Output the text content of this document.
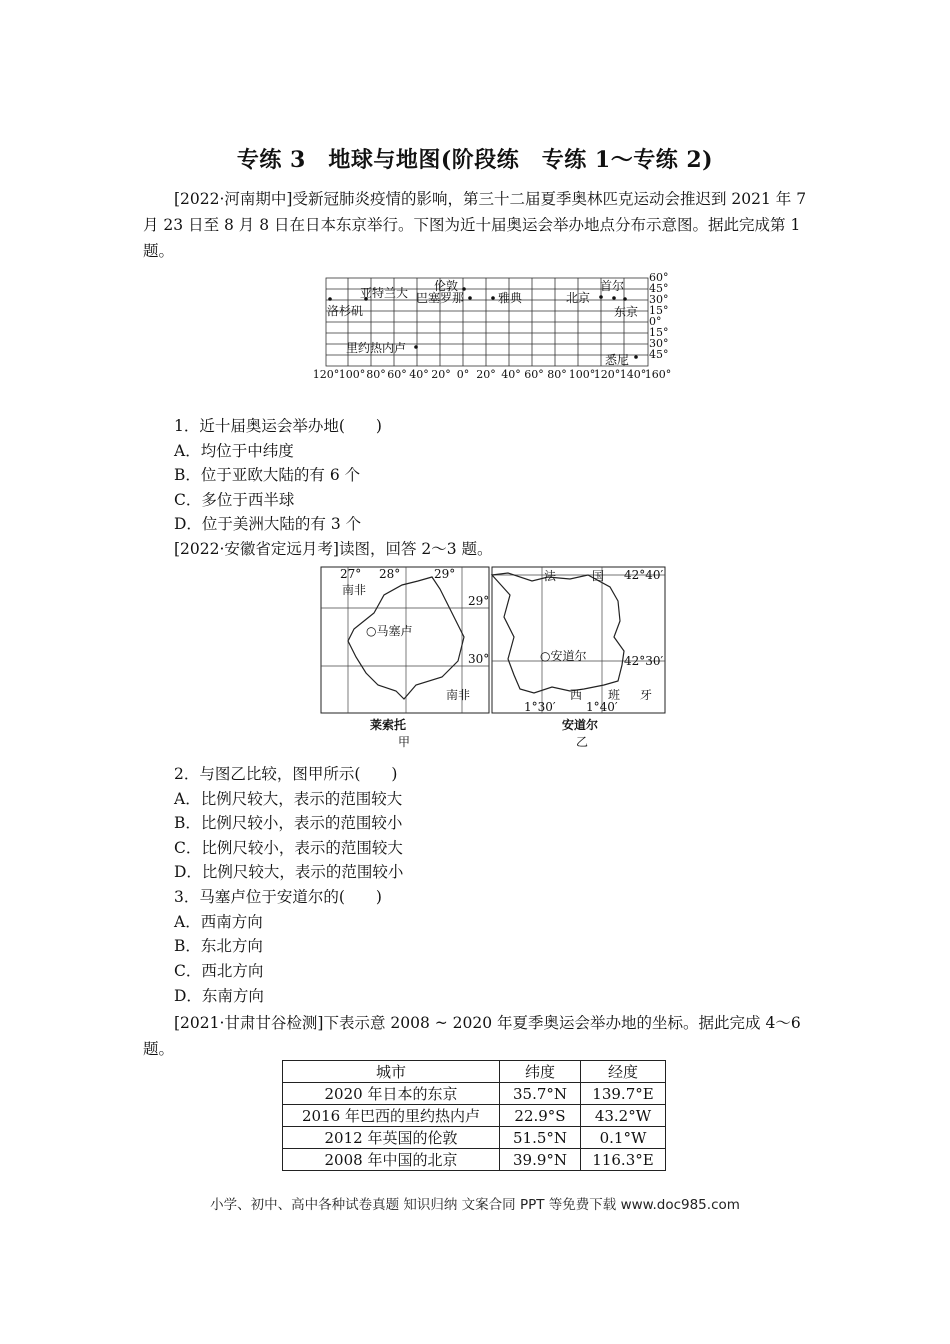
专练 3　地球与地图(阶段练　专练 1～专练 2)
[2022·河南期中]受新冠肺炎疫情的影响，第三十二届夏季奥林匹克运动会推迟到 2021 年 7 月 23 日至 8 月 8 日在日本东京举行。下图为近十届奥运会举办地点分布示意图。据此完成第 1 题。
亚特兰大 伦敦
巴塞罗那	雅典	北京
首尔
东京
洛杉矶
里约热内卢
悉尼
60°
45°
30°
15°
0°
15°
30°
45°
120° 100° 80° 60° 40° 20° 0° 20° 40° 60° 80° 100°
120° 140°
160°
1．近十届奥运会举办地(　　)
A．均位于中纬度
B．位于亚欧大陆的有 6 个
C．多位于西半球
D．位于美洲大陆的有 3 个
[2022·安徽省定远月考]读图，回答 2～3 题。
27° 28°	29°
29°
30°
南非
南非
○马塞卢
莱索托
甲
法	国 42°40′
42°30′
○安道尔
西 班 牙
1°30′	1°40′
安道尔
乙
2．与图乙比较，图甲所示(　　)
A．比例尺较大，表示的范围较大
B．比例尺较小，表示的范围较小
C．比例尺较小，表示的范围较大
D．比例尺较大，表示的范围较小
3．马塞卢位于安道尔的(　　)
A．西南方向
B．东北方向
C．西北方向
D．东南方向
[2021·甘肃甘谷检测]下表示意 2008 ~ 2020 年夏季奥运会举办地的坐标。据此完成 4～6 题。
城市	纬度	经度
2020 年日本的东京	35.7°N	139.7°E
2016 年巴西的里约热内卢	22.9°S	43.2°W
2012 年英国的伦敦	51.5°N	0.1°W
2008 年中国的北京	39.9°N	116.3°E
小学、初中、高中各种试卷真题 知识归纳 文案合同 PPT 等免费下载 www.doc985.com
